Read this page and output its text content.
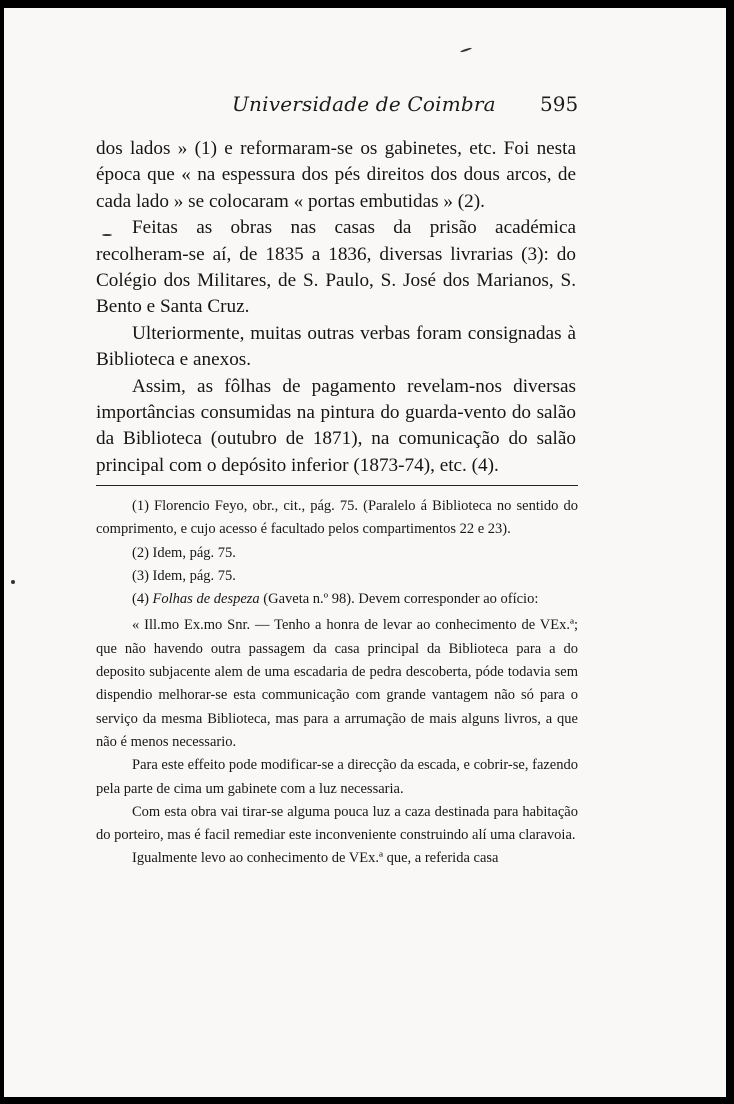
Universidade de Coimbra 595

dos lados » (1) e reformaram-se os gabinetes, etc. Foi nesta época que « na espessura dos pés direitos dos dous arcos, de cada lado » se colocaram « portas embutidas » (2).

Feitas as obras nas casas da prisão académica recolheram-se aí, de 1835 a 1836, diversas livrarias (3): do Colégio dos Militares, de S. Paulo, S. José dos Marianos, S. Bento e Santa Cruz.

Ulteriormente, muitas outras verbas foram consignadas à Biblioteca e anexos.

Assim, as fôlhas de pagamento revelam-nos diversas importâncias consumidas na pintura do guarda-vento do salão da Biblioteca (outubro de 1871), na comunicação do salão principal com o depósito inferior (1873-74), etc. (4).

(1) Florencio Feyo, obr., cit., pág. 75. (Paralelo á Biblioteca no sentido do comprimento, e cujo acesso é facultado pelos compartimentos 22 e 23).

(2) Idem, pág. 75.

(3) Idem, pág. 75.

(4) Folhas de despeza (Gaveta n.º 98). Devem corresponder ao ofício:

« Ill.mo Ex.mo Snr. — Tenho a honra de levar ao conhecimento de VEx.ª; que não havendo outra passagem da casa principal da Biblioteca para a do deposito subjacente alem de uma escadaria de pedra descoberta, póde todavia sem dispendio melhorar-se esta communicação com grande vantagem não só para o serviço da mesma Biblioteca, mas para a arrumação de mais alguns livros, a que não é menos necessario.

Para este effeito pode modificar-se a direcção da escada, e cobrir-se, fazendo pela parte de cima um gabinete com a luz necessaria.

Com esta obra vai tirar-se alguma pouca luz a caza destinada para habitação do porteiro, mas é facil remediar este inconveniente construindo alí uma claravoia.

Igualmente levo ao conhecimento de VEx.ª que, a referida casa
